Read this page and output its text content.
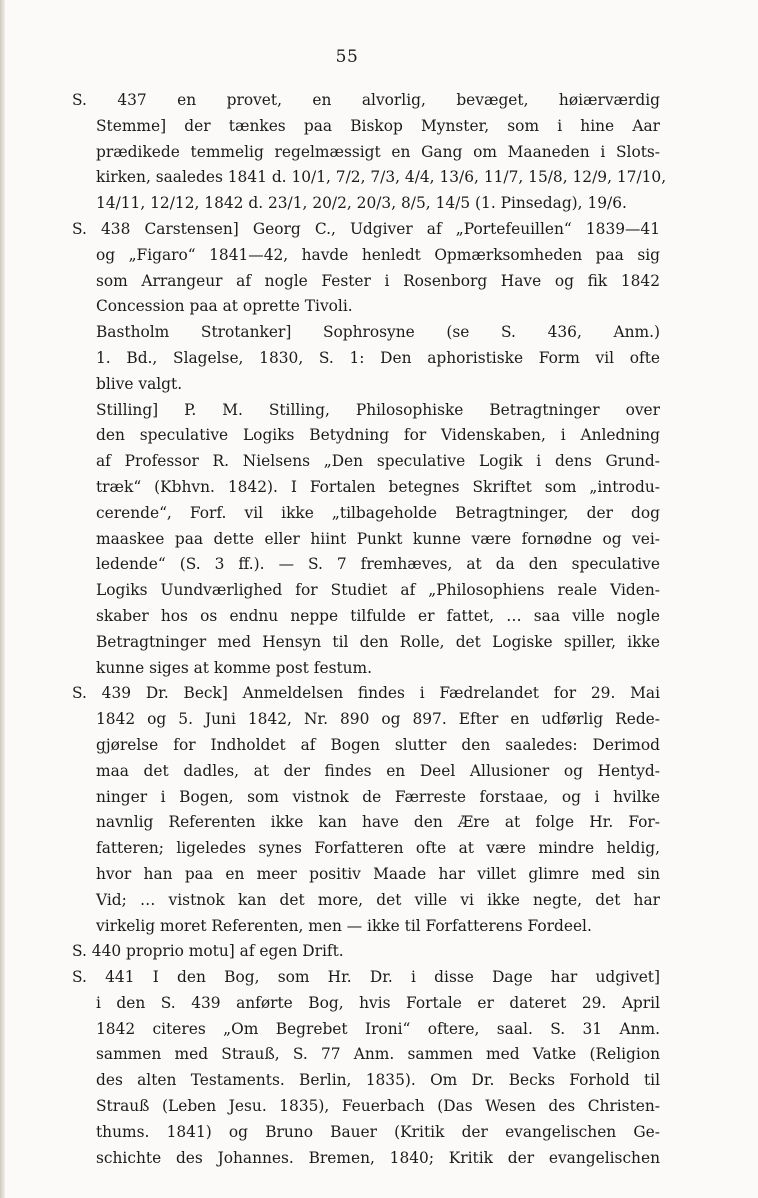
55
S. 437 en provet, en alvorlig, bevæget, høiærværdig
Stemme] der tænkes paa Biskop Mynster, som i hine Aar
prædikede temmelig regelmæssigt en Gang om Maaneden i Slots-
kirken, saaledes 1841 d. 10/1, 7/2, 7/3, 4/4, 13/6, 11/7, 15/8, 12/9, 17/10,
14/11, 12/12, 1842 d. 23/1, 20/2, 20/3, 8/5, 14/5 (1. Pinsedag), 19/6.
S. 438 Carstensen] Georg C., Udgiver af „Portefeuillen“ 1839—41
og „Figaro“ 1841—42, havde henledt Opmærksomheden paa sig
som Arrangeur af nogle Fester i Rosenborg Have og fik 1842
Concession paa at oprette Tivoli.
Bastholm Strotanker] Sophrosyne (se S. 436, Anm.)
1. Bd., Slagelse, 1830, S. 1: Den aphoristiske Form vil ofte
blive valgt.
Stilling] P. M. Stilling, Philosophiske Betragtninger over
den speculative Logiks Betydning for Videnskaben, i Anledning
af Professor R. Nielsens „Den speculative Logik i dens Grund-
træk“ (Kbhvn. 1842). I Fortalen betegnes Skriftet som „introdu-
cerende“, Forf. vil ikke „tilbageholde Betragtninger, der dog
maaskee paa dette eller hiint Punkt kunne være fornødne og vei-
ledende“ (S. 3 ff.). — S. 7 fremhæves, at da den speculative
Logiks Uundværlighed for Studiet af „Philosophiens reale Viden-
skaber hos os endnu neppe tilfulde er fattet, … saa ville nogle
Betragtninger med Hensyn til den Rolle, det Logiske spiller, ikke
kunne siges at komme post festum.
S. 439 Dr. Beck] Anmeldelsen findes i Fædrelandet for 29. Mai
1842 og 5. Juni 1842, Nr. 890 og 897. Efter en udførlig Rede-
gjørelse for Indholdet af Bogen slutter den saaledes: Derimod
maa det dadles, at der findes en Deel Allusioner og Hentyd-
ninger i Bogen, som vistnok de Færreste forstaae, og i hvilke
navnlig Referenten ikke kan have den Ære at folge Hr. For-
fatteren; ligeledes synes Forfatteren ofte at være mindre heldig,
hvor han paa en meer positiv Maade har villet glimre med sin
Vid; … vistnok kan det more, det ville vi ikke negte, det har
virkelig moret Referenten, men — ikke til Forfatterens Fordeel.
S. 440 proprio motu] af egen Drift.
S. 441 I den Bog, som Hr. Dr. i disse Dage har udgivet]
i den S. 439 anførte Bog, hvis Fortale er dateret 29. April
1842 citeres „Om Begrebet Ironi“ oftere, saal. S. 31 Anm.
sammen med Strauß, S. 77 Anm. sammen med Vatke (Religion
des alten Testaments. Berlin, 1835). Om Dr. Becks Forhold til
Strauß (Leben Jesu. 1835), Feuerbach (Das Wesen des Christen-
thums. 1841) og Bruno Bauer (Kritik der evangelischen Ge-
schichte des Johannes. Bremen, 1840; Kritik der evangelischen
